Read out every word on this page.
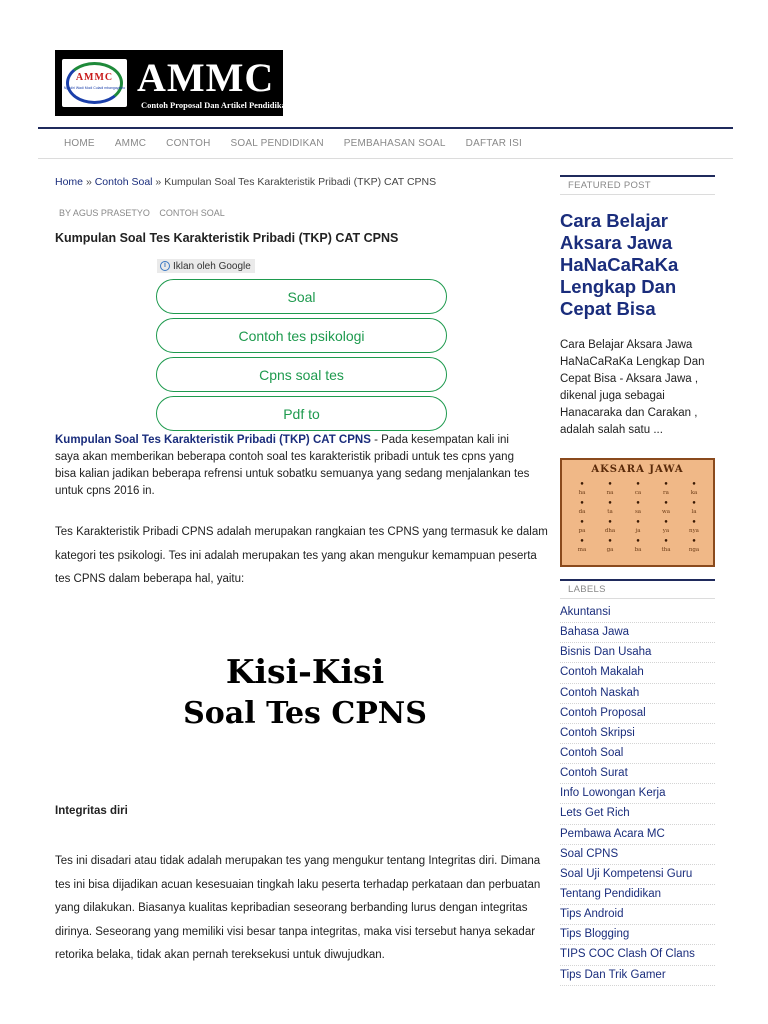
AMMC
Ngadiri Wadi Modi Culadi mbangayakto AMMC
Contoh Proposal Dan Artikel Pendidikan
HOME AMMC CONTOH SOAL PENDIDIKAN PEMBAHASAN SOAL DAFTAR ISI
Home » Contoh Soal » Kumpulan Soal Tes Karakteristik Pribadi (TKP) CAT CPNS
BY AGUS PRASETYO CONTOH SOAL
Kumpulan Soal Tes Karakteristik Pribadi (TKP) CAT CPNS
i Iklan oleh Google
Soal
Contoh tes psikologi
Cpns soal tes
Pdf to
Kumpulan Soal Tes Karakteristik Pribadi (TKP) CAT CPNS - Pada kesempatan kali ini saya akan memberikan beberapa contoh soal tes karakteristik pribadi untuk tes cpns yang bisa kalian jadikan beberapa refrensi untuk sobatku semuanya yang sedang menjalankan tes untuk cpns 2016 in.

Tes Karakteristik Pribadi CPNS adalah merupakan rangkaian tes CPNS yang termasuk ke dalam kategori tes psikologi. Tes ini adalah merupakan tes yang akan mengukur kemampuan peserta tes CPNS dalam beberapa hal, yaitu:

Kisi-Kisi
Soal Tes CPNS
Integritas diri

Tes ini disadari atau tidak adalah merupakan tes yang mengukur tentang Integritas diri. Dimana tes ini bisa dijadikan acuan kesesuaian tingkah laku peserta terhadap perkataan dan perbuatan yang dilakukan. Biasanya kualitas kepribadian seseorang berbanding lurus dengan integritas dirinya. Seseorang yang memiliki visi besar tanpa integritas, maka visi tersebut hanya sekadar retorika belaka, tidak akan pernah tereksekusi untuk diwujudkan.

FEATURED POST
Cara Belajar Aksara Jawa HaNaCaRaKa Lengkap Dan Cepat Bisa
Cara Belajar Aksara Jawa HaNaCaRaKa Lengkap Dan Cepat Bisa - Aksara Jawa , dikenal juga sebagai Hanacaraka dan Carakan , adalah salah satu ...
AKSARA JAWA
•
ha
•
na
•
ca
•
ra
•
ka
•
da
•
ta
•
sa
•
wa
•
la
•
pa
•
dha
•
ja
•
ya
•
nya
•
ma
•
ga
•
ba
•
tha
•
nga
LABELS
Akuntansi
Bahasa Jawa
Bisnis Dan Usaha
Contoh Makalah
Contoh Naskah
Contoh Proposal
Contoh Skripsi
Contoh Soal
Contoh Surat
Info Lowongan Kerja
Lets Get Rich
Pembawa Acara MC
Soal CPNS
Soal Uji Kompetensi Guru
Tentang Pendidikan
Tips Android
Tips Blogging
TIPS COC Clash Of Clans
Tips Dan Trik Gamer
